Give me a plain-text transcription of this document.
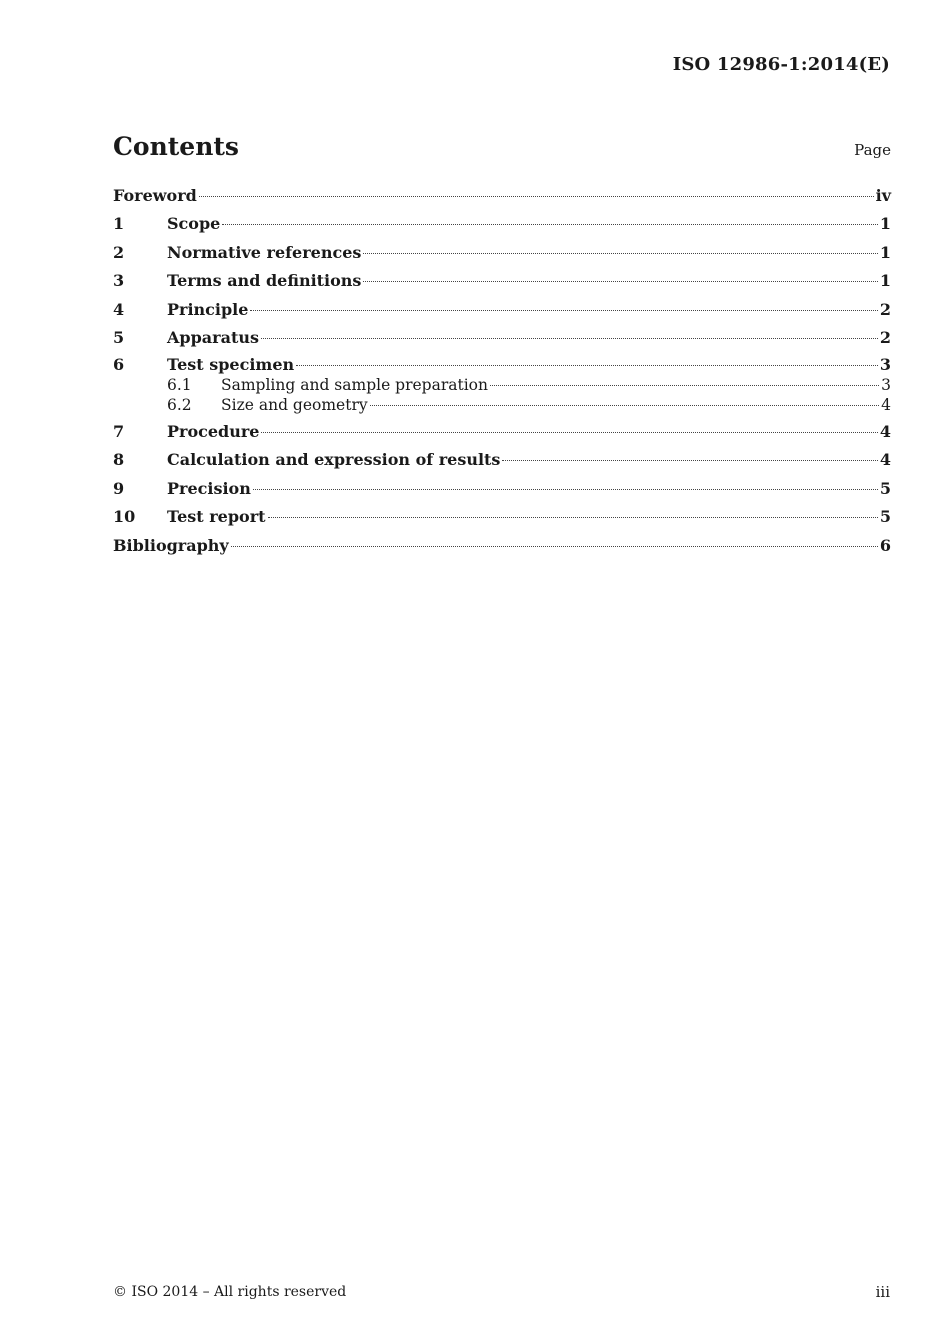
ISO 12986-1:2014(E)
Contents	Page
Foreword	iv
1	Scope	1
2	Normative references	1
3	Terms and definitions	1
4	Principle	2
5	Apparatus	2
6	Test specimen	3
6.1	Sampling and sample preparation	3
6.2	Size and geometry	4
7	Procedure	4
8	Calculation and expression of results	4
9	Precision	5
10	Test report	5
Bibliography	6
© ISO 2014 – All rights reserved	iii
